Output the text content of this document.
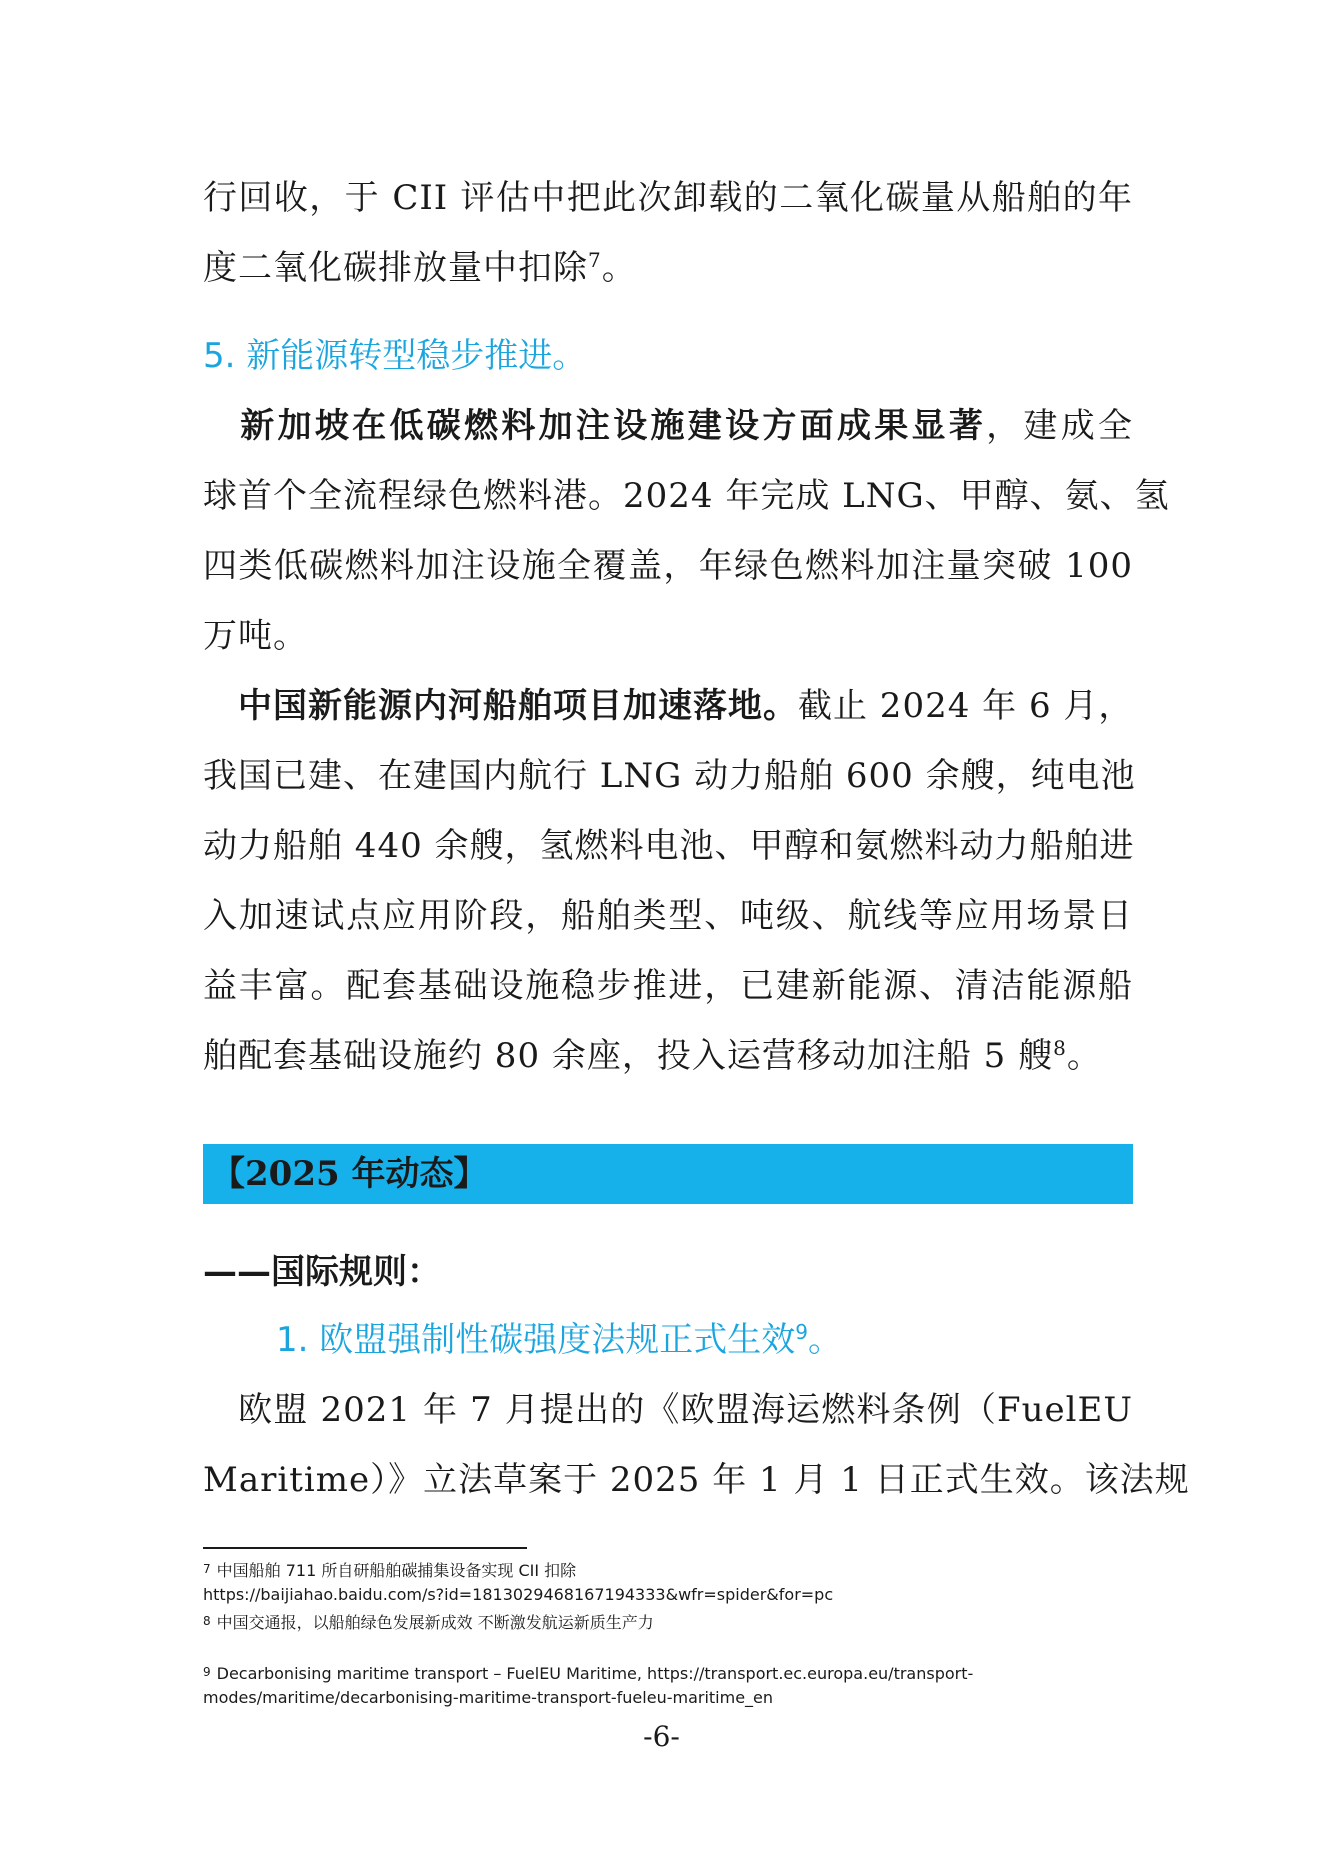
行回收，于 CII 评估中把此次卸载的二氧化碳量从船舶的年
度二氧化碳排放量中扣除$^7$。
5. 新能源转型稳步推进。
　新加坡在低碳燃料加注设施建设方面成果显著，建成全
球首个全流程绿色燃料港。2024 年完成 LNG、甲醇、氨、氢
四类低碳燃料加注设施全覆盖，年绿色燃料加注量突破 100
万吨。
　中国新能源内河船舶项目加速落地。截止 2024 年 6 月，
我国已建、在建国内航行 LNG 动力船舶 600 余艘，纯电池
动力船舶 440 余艘，氢燃料电池、甲醇和氨燃料动力船舶进
入加速试点应用阶段，船舶类型、吨级、航线等应用场景日
益丰富。配套基础设施稳步推进，已建新能源、清洁能源船
舶配套基础设施约 80 余座，投入运营移动加注船 5 艘$^8$。
【2025 年动态】
——国际规则：
1. 欧盟强制性碳强度法规正式生效$^9$。
　欧盟 2021 年 7 月提出的《欧盟海运燃料条例（FuelEU
Maritime）》立法草案于 2025 年 1 月 1 日正式生效。该法规
7 中国船舶 711 所自研船舶碳捕集设备实现 CII 扣除
https://baijiahao.baidu.com/s?id=1813029468167194333&wfr=spider&for=pc
8 中国交通报，以船舶绿色发展新成效 不断激发航运新质生产力
9 Decarbonising maritime transport – FuelEU Maritime, https://transport.ec.europa.eu/transport-
modes/maritime/decarbonising-maritime-transport-fueleu-maritime_en
-6-
